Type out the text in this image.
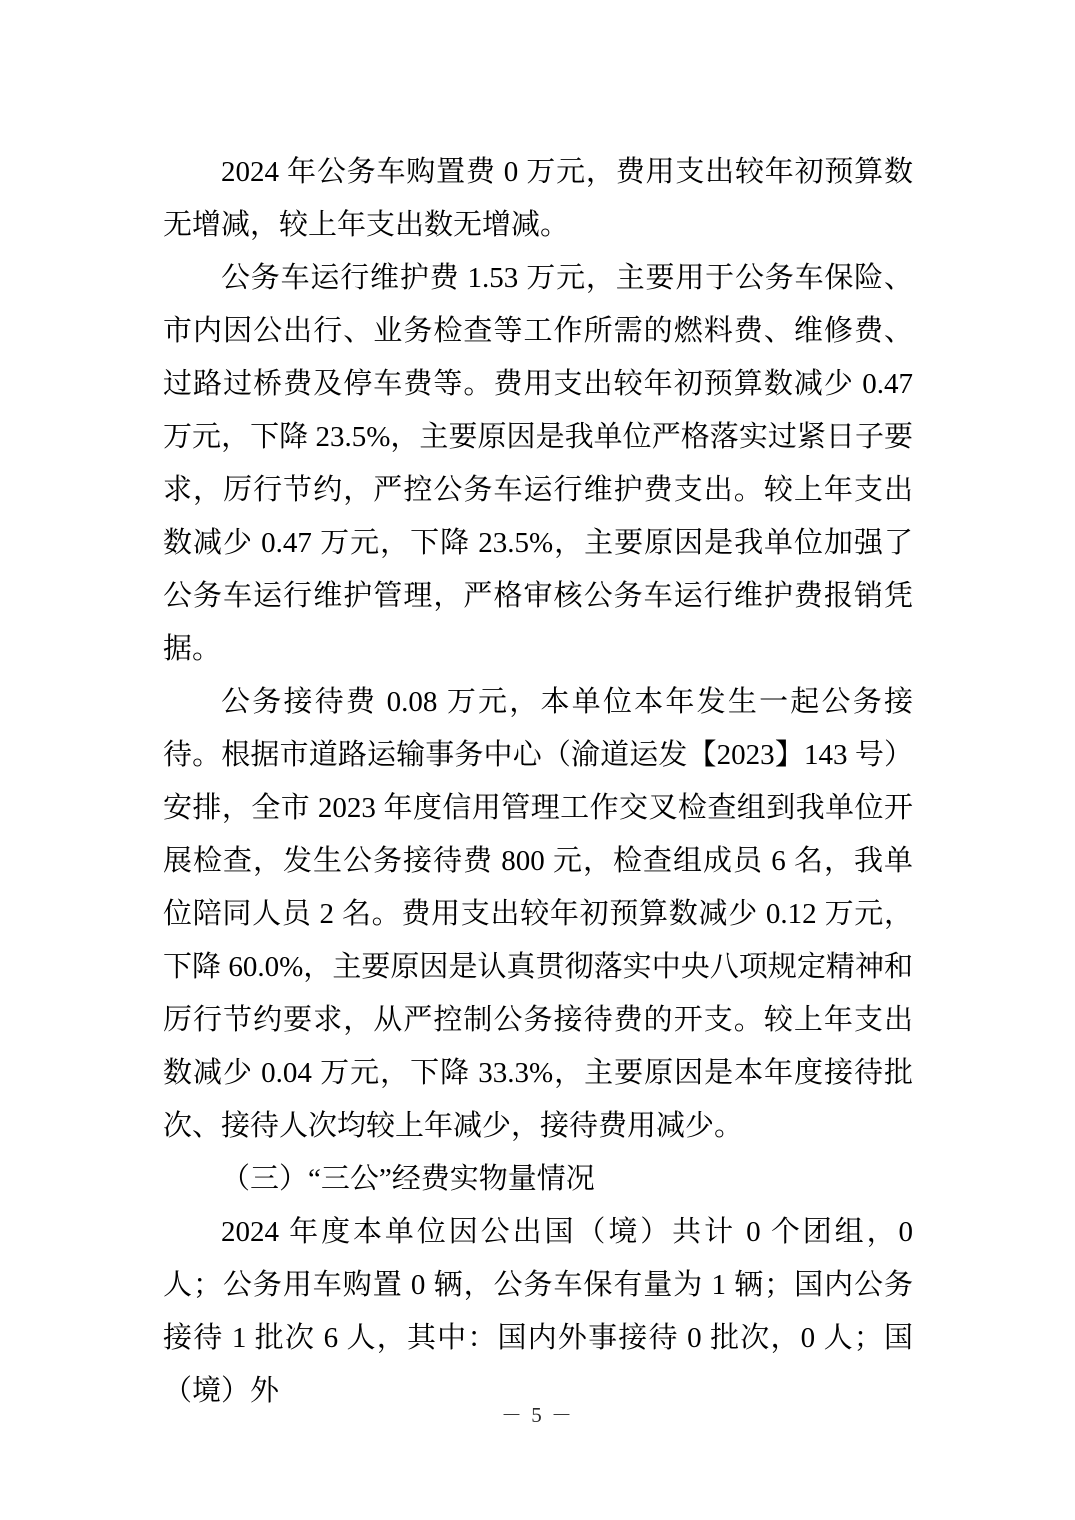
2024 年公务车购置费 0 万元，费用支出较年初预算数无增减，较上年支出数无增减。

公务车运行维护费 1.53 万元，主要用于公务车保险、市内因公出行、业务检查等工作所需的燃料费、维修费、过路过桥费及停车费等。费用支出较年初预算数减少 0.47 万元，下降 23.5%，主要原因是我单位严格落实过紧日子要求，厉行节约，严控公务车运行维护费支出。较上年支出数减少 0.47 万元，下降 23.5%，主要原因是我单位加强了公务车运行维护管理，严格审核公务车运行维护费报销凭据。

公务接待费 0.08 万元，本单位本年发生一起公务接待。根据市道路运输事务中心（渝道运发【2023】143 号）安排，全市 2023 年度信用管理工作交叉检查组到我单位开展检查，发生公务接待费 800 元，检查组成员 6 名，我单位陪同人员 2 名。费用支出较年初预算数减少 0.12 万元，下降 60.0%，主要原因是认真贯彻落实中央八项规定精神和厉行节约要求，从严控制公务接待费的开支。较上年支出数减少 0.04 万元，下降 33.3%，主要原因是本年度接待批次、接待人次均较上年减少，接待费用减少。

（三）“三公”经费实物量情况

2024 年度本单位因公出国（境）共计 0 个团组，0 人；公务用车购置 0 辆，公务车保有量为 1 辆；国内公务接待 1 批次 6 人，其中：国内外事接待 0 批次，0 人；国（境）外

－ 5 －
